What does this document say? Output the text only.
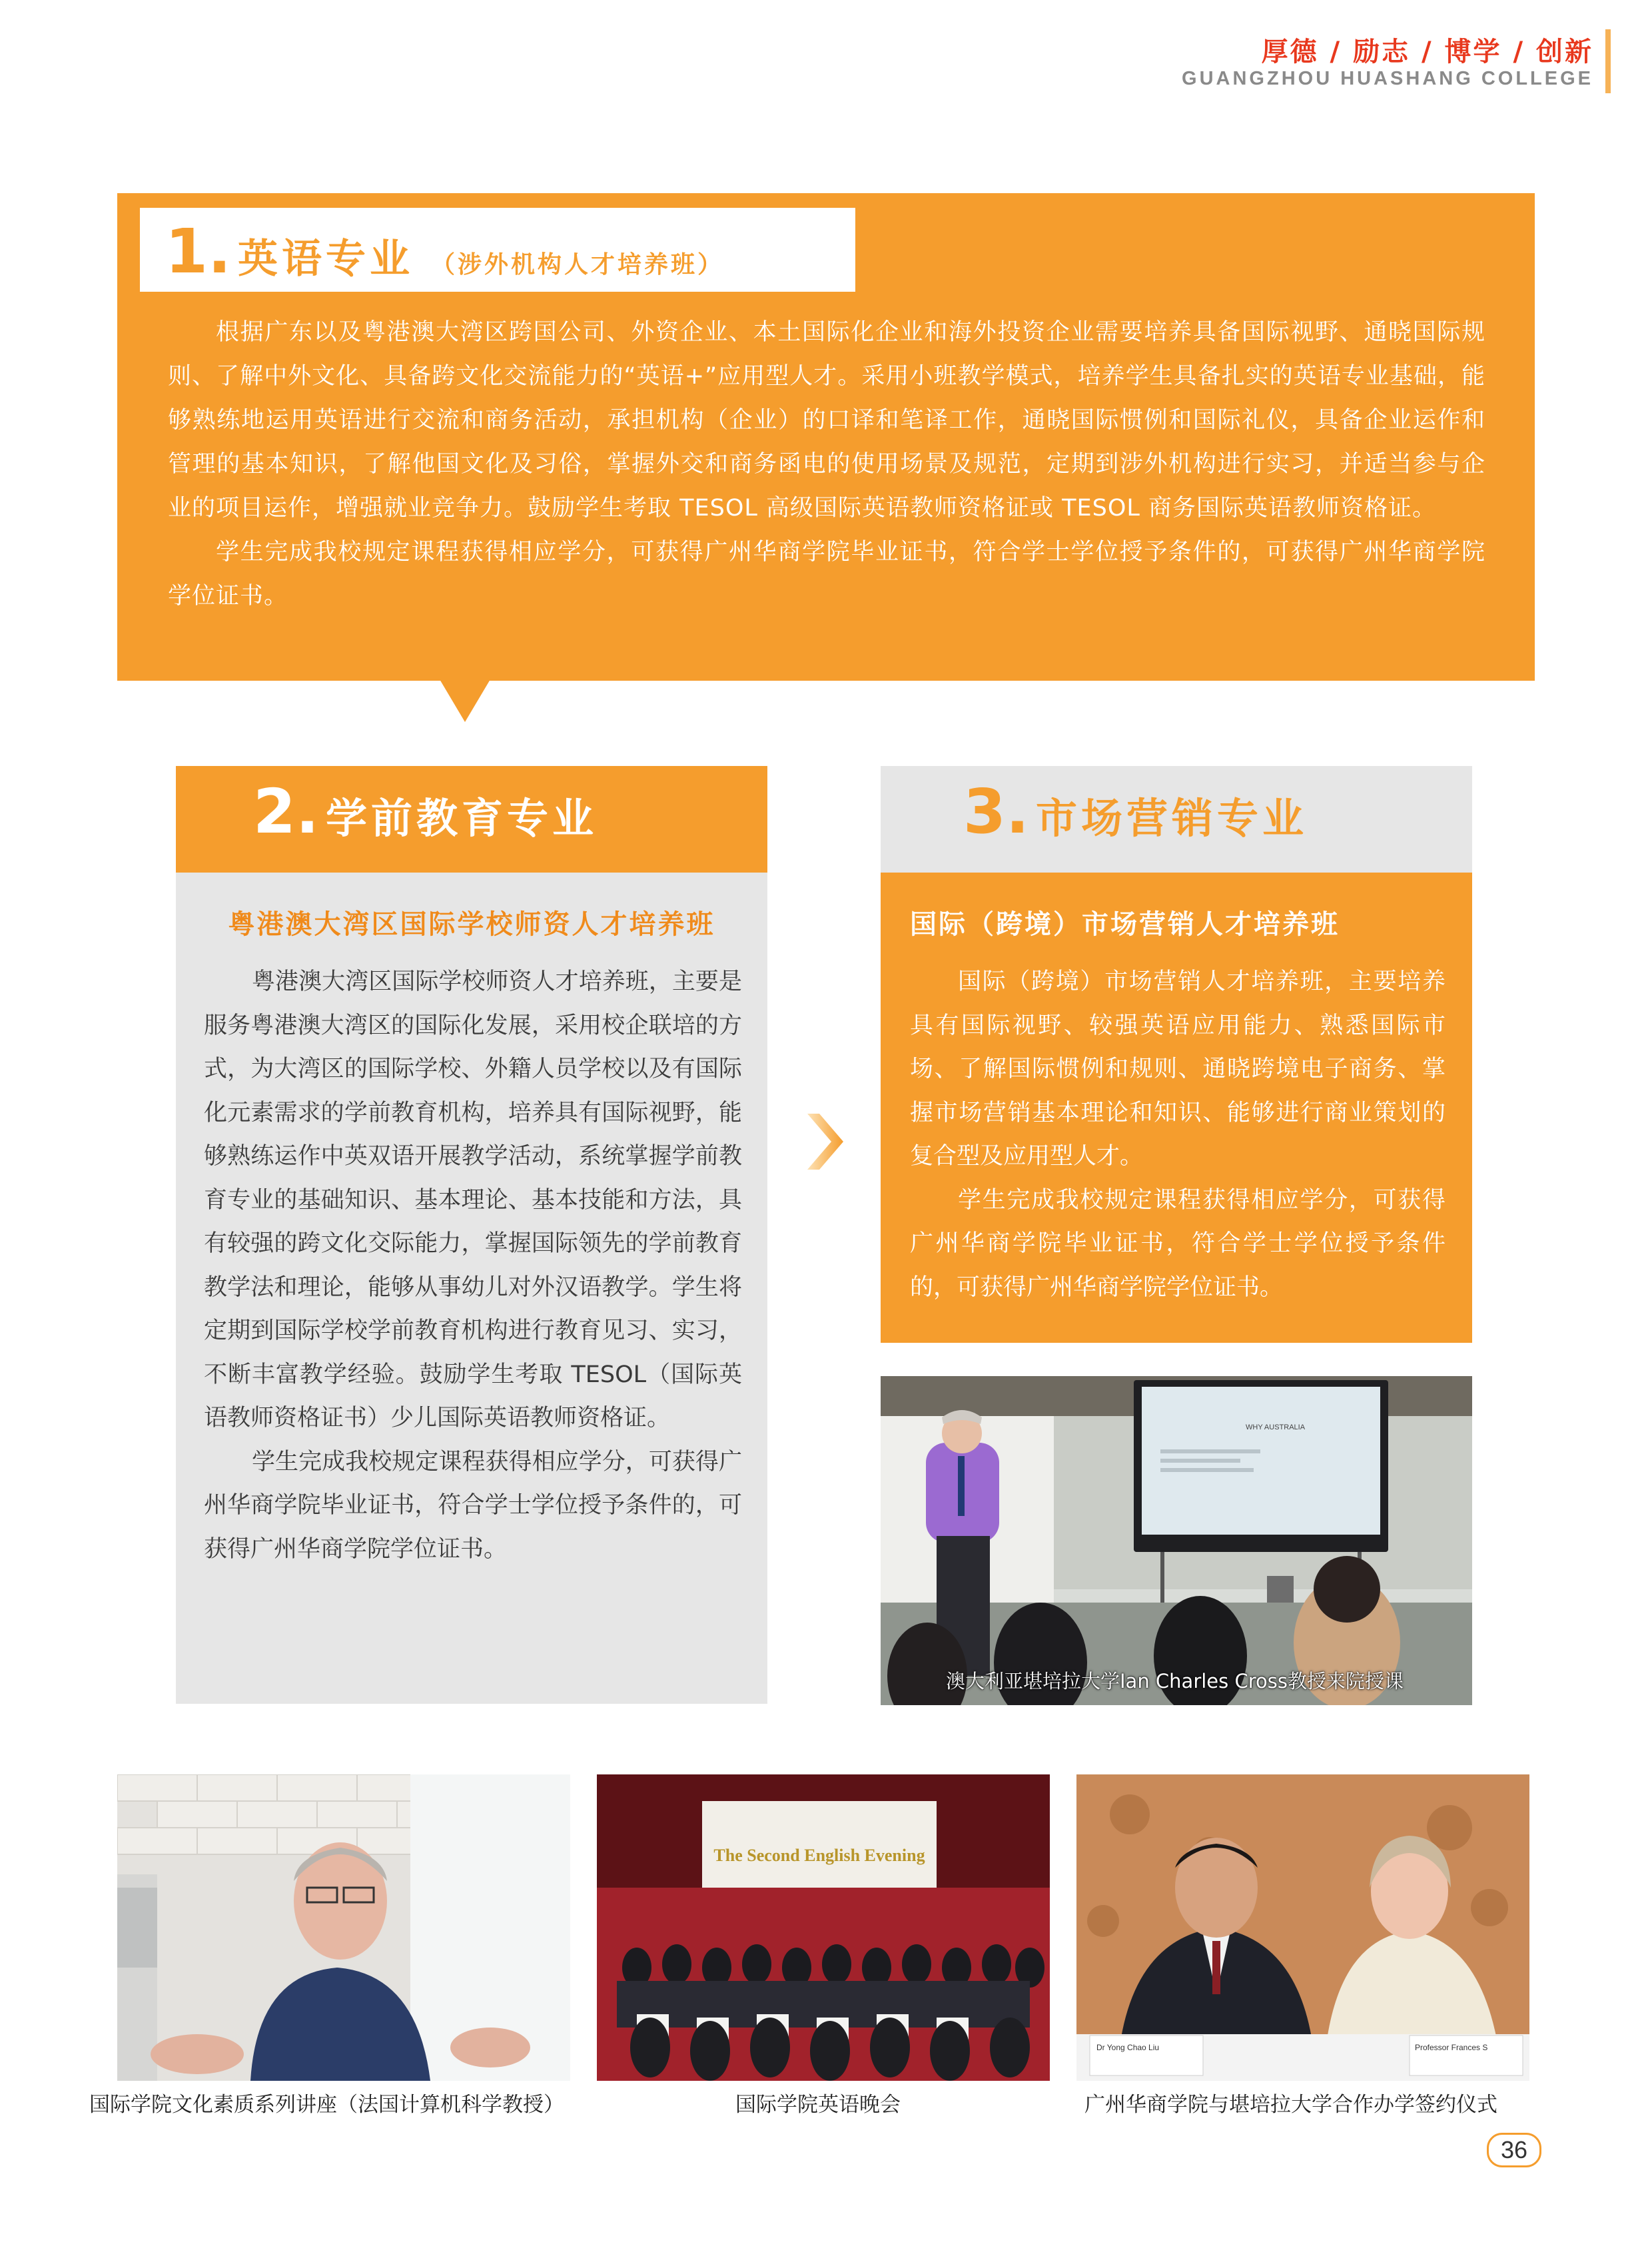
厚德 / 励志 / 博学 / 创新
GUANGZHOU HUASHANG COLLEGE
1. 英语专业 （涉外机构人才培养班）

根据广东以及粤港澳大湾区跨国公司、外资企业、本土国际化企业和海外投资企业需要培养具备国际视野、通晓国际规则、了解中外文化、具备跨文化交流能力的“英语+”应用型人才。采用小班教学模式，培养学生具备扎实的英语专业基础，能够熟练地运用英语进行交流和商务活动，承担机构（企业）的口译和笔译工作，通晓国际惯例和国际礼仪，具备企业运作和管理的基本知识，了解他国文化及习俗，掌握外交和商务函电的使用场景及规范，定期到涉外机构进行实习，并适当参与企业的项目运作，增强就业竞争力。鼓励学生考取 TESOL 高级国际英语教师资格证或 TESOL 商务国际英语教师资格证。

学生完成我校规定课程获得相应学分，可获得广州华商学院毕业证书，符合学士学位授予条件的，可获得广州华商学院学位证书。

2. 学前教育专业
粤港澳大湾区国际学校师资人才培养班

粤港澳大湾区国际学校师资人才培养班，主要是服务粤港澳大湾区的国际化发展，采用校企联培的方式，为大湾区的国际学校、外籍人员学校以及有国际化元素需求的学前教育机构，培养具有国际视野，能够熟练运作中英双语开展教学活动，系统掌握学前教育专业的基础知识、基本理论、基本技能和方法，具有较强的跨文化交际能力，掌握国际领先的学前教育教学法和理论，能够从事幼儿对外汉语教学。学生将定期到国际学校学前教育机构进行教育见习、实习，不断丰富教学经验。鼓励学生考取 TESOL（国际英语教师资格证书）少儿国际英语教师资格证。

学生完成我校规定课程获得相应学分，可获得广州华商学院毕业证书，符合学士学位授予条件的，可获得广州华商学院学位证书。

3. 市场营销专业
国际（跨境）市场营销人才培养班

国际（跨境）市场营销人才培养班，主要培养具有国际视野、较强英语应用能力、熟悉国际市场、了解国际惯例和规则、通晓跨境电子商务、掌握市场营销基本理论和知识、能够进行商业策划的复合型及应用型人才。

学生完成我校规定课程获得相应学分，可获得广州华商学院毕业证书，符合学士学位授予条件的，可获得广州华商学院学位证书。

WHY AUSTRALIA
澳大利亚堪培拉大学Ian Charles Cross教授来院授课
国际学院文化素质系列讲座（法国计算机科学教授）
The Second English Evening
国际学院英语晚会
Dr Yong Chao Liu	Professor Frances S
广州华商学院与堪培拉大学合作办学签约仪式
36
